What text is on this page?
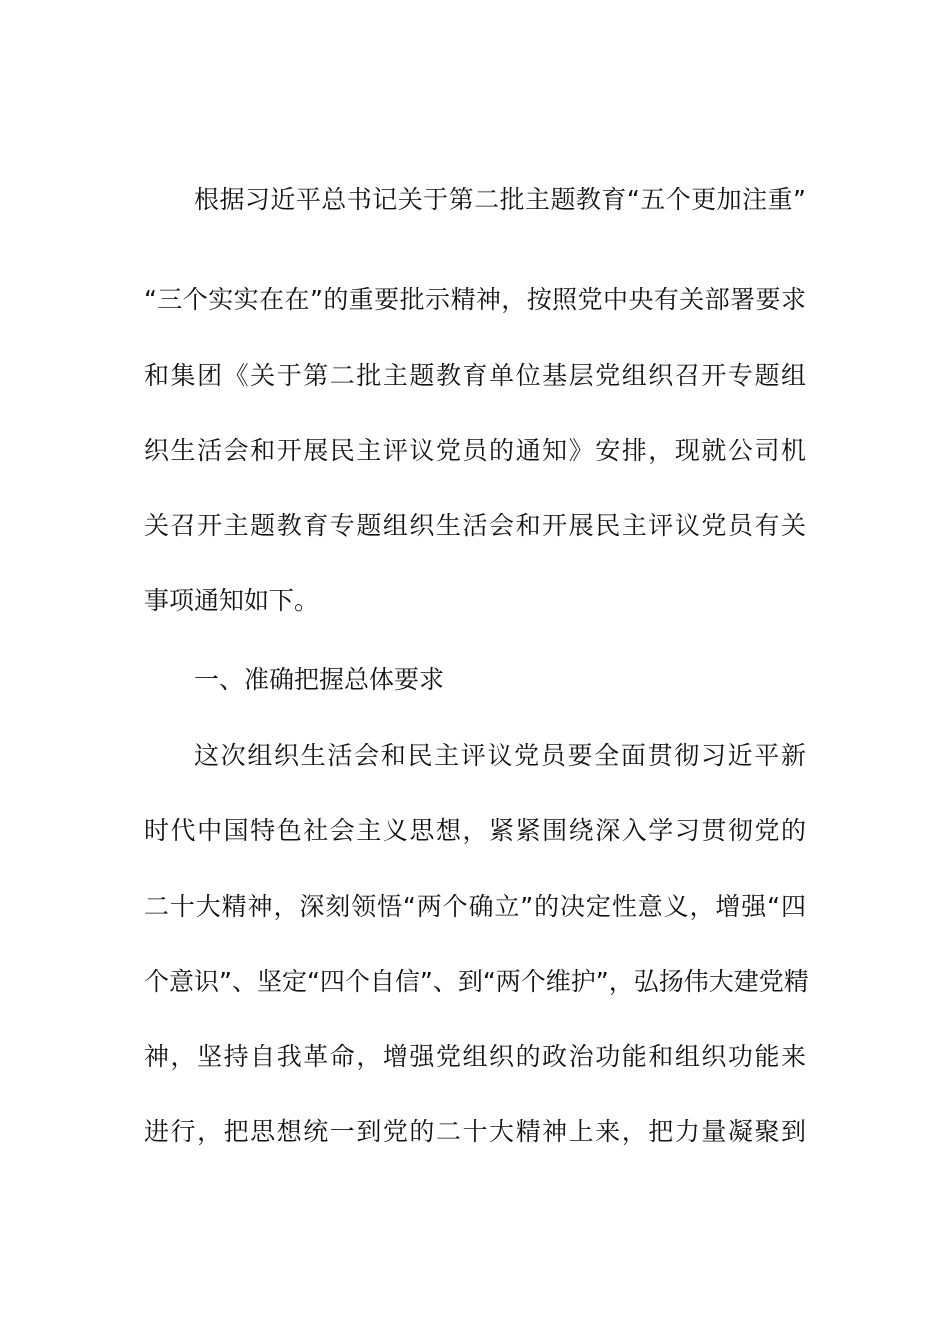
根据习近平总书记关于第二批主题教育“五个更加注重”
“三个实实在在”的重要批示精神，按照党中央有关部署要求
和集团《关于第二批主题教育单位基层党组织召开专题组
织生活会和开展民主评议党员的通知》安排，现就公司机
关召开主题教育专题组织生活会和开展民主评议党员有关
事项通知如下。
一、准确把握总体要求
这次组织生活会和民主评议党员要全面贯彻习近平新
时代中国特色社会主义思想，紧紧围绕深入学习贯彻党的
二十大精神，深刻领悟“两个确立”的决定性意义，增强“四
个意识”、坚定“四个自信”、到“两个维护”，弘扬伟大建党精
神，坚持自我革命，增强党组织的政治功能和组织功能来
进行，把思想统一到党的二十大精神上来，把力量凝聚到
